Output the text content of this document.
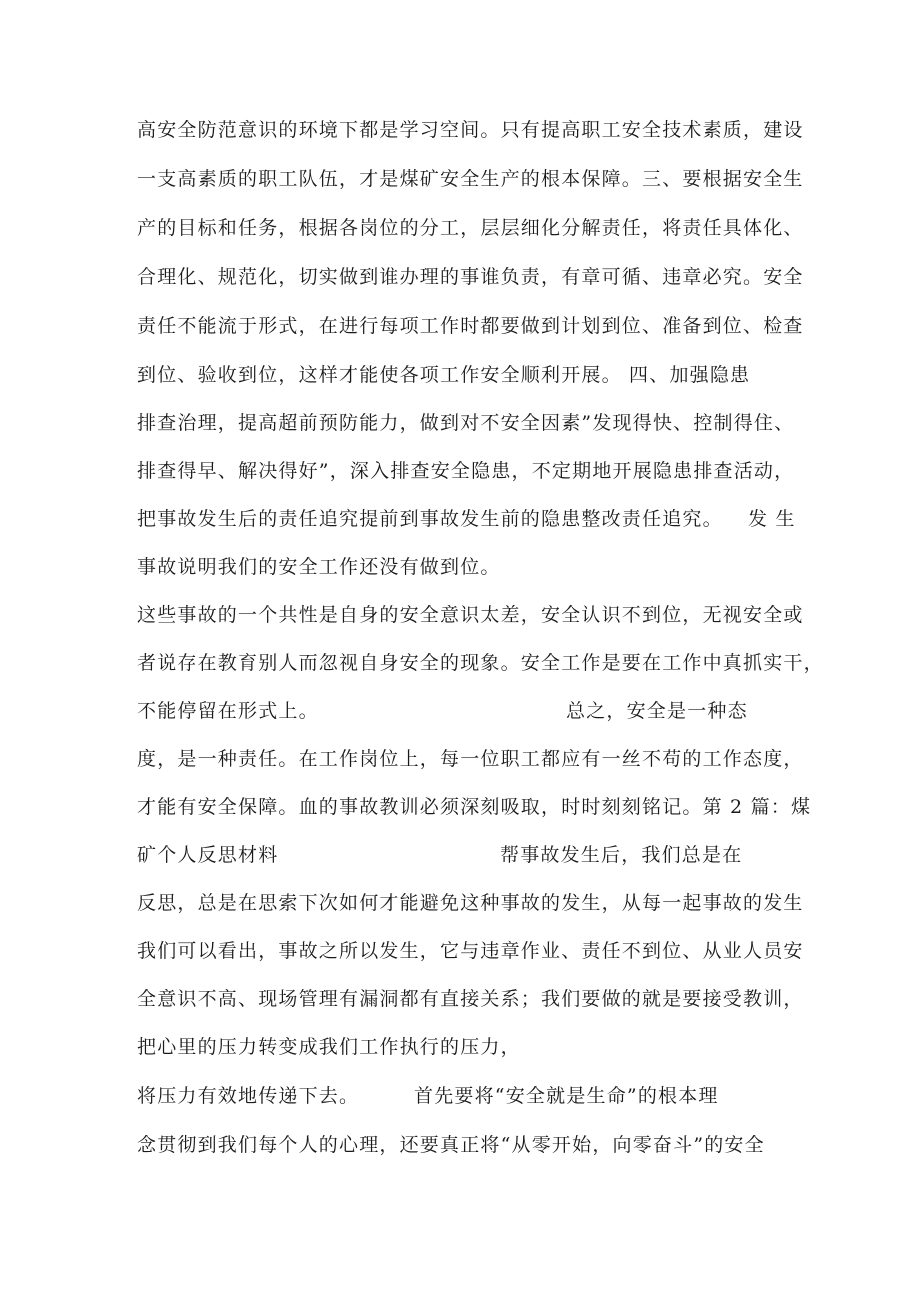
高安全防范意识的环境下都是学习空间。只有提高职工安全技术素质，建设
一支高素质的职工队伍，才是煤矿安全生产的根本保障。三、要根据安全生
产的目标和任务，根据各岗位的分工，层层细化分解责任，将责任具体化、
合理化、规范化，切实做到谁办理的事谁负责，有章可循、违章必究。安全
责任不能流于形式，在进行每项工作时都要做到计划到位、准备到位、检查
到位、验收到位，这样才能使各项工作安全顺利开展。 四、加强隐患
排查治理，提高超前预防能力，做到对不安全因素”发现得快、控制得住、
排查得早、解决得好”，深入排查安全隐患，不定期地开展隐患排查活动，
把事故发生后的责任追究提前到事故发生前的隐患整改责任追究。 发 生
事故说明我们的安全工作还没有做到位。
这些事故的一个共性是自身的安全意识太差，安全认识不到位，无视安全或
者说存在教育别人而忽视自身安全的现象。安全工作是要在工作中真抓实干，
不能停留在形式上。	总之，安全是一种态
度，是一种责任。在工作岗位上，每一位职工都应有一丝不苟的工作态度，
才能有安全保障。血的事故教训必须深刻吸取，时时刻刻铭记。第 2 篇：煤
矿个人反思材料	帮事故发生后，我们总是在
反思，总是在思索下次如何才能避免这种事故的发生，从每一起事故的发生
我们可以看出，事故之所以发生，它与违章作业、责任不到位、从业人员安
全意识不高、现场管理有漏洞都有直接关系；我们要做的就是要接受教训，
把心里的压力转变成我们工作执行的压力，
将压力有效地传递下去。	首先要将“安全就是生命”的根本理
念贯彻到我们每个人的心理，还要真正将“从零开始，向零奋斗”的安全
